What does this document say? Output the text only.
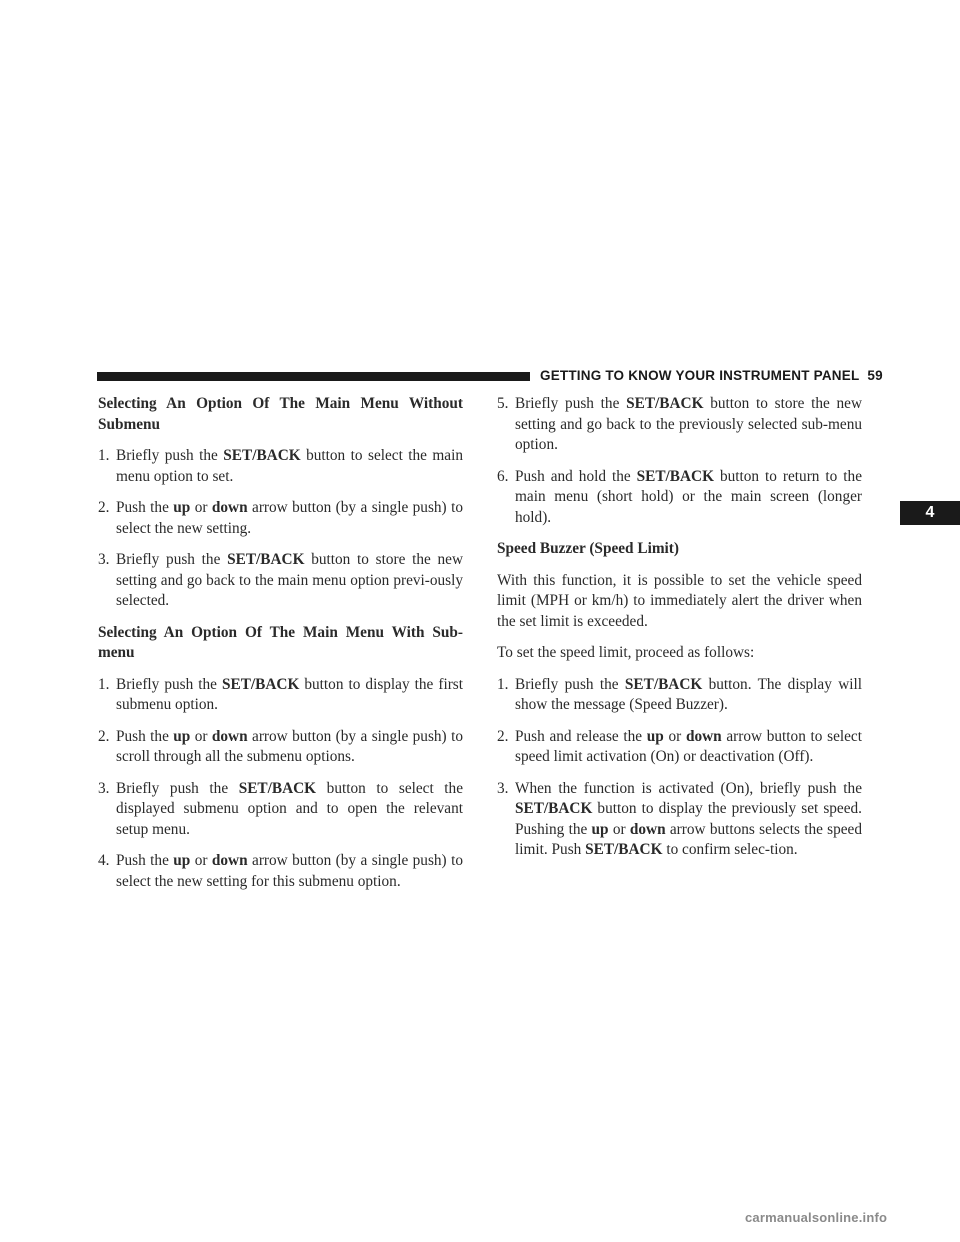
GETTING TO KNOW YOUR INSTRUMENT PANEL 59
4

Selecting An Option Of The Main Menu Without Submenu

1. Briefly push the SET/BACK button to select the main menu option to set.

2. Push the up or down arrow button (by a single push) to select the new setting.

3. Briefly push the SET/BACK button to store the new setting and go back to the main menu option previ-ously selected.

Selecting An Option Of The Main Menu With Sub-menu

1. Briefly push the SET/BACK button to display the first submenu option.

2. Push the up or down arrow button (by a single push) to scroll through all the submenu options.

3. Briefly push the SET/BACK button to select the displayed submenu option and to open the relevant setup menu.

4. Push the up or down arrow button (by a single push) to select the new setting for this submenu option.

5. Briefly push the SET/BACK button to store the new setting and go back to the previously selected sub-menu option.

6. Push and hold the SET/BACK button to return to the main menu (short hold) or the main screen (longer hold).

Speed Buzzer (Speed Limit)

With this function, it is possible to set the vehicle speed limit (MPH or km/h) to immediately alert the driver when the set limit is exceeded.

To set the speed limit, proceed as follows:

1. Briefly push the SET/BACK button. The display will show the message (Speed Buzzer).

2. Push and release the up or down arrow button to select speed limit activation (On) or deactivation (Off).

3. When the function is activated (On), briefly push the SET/BACK button to display the previously set speed. Pushing the up or down arrow buttons selects the speed limit. Push SET/BACK to confirm selec-tion.

carmanualsonline.info
